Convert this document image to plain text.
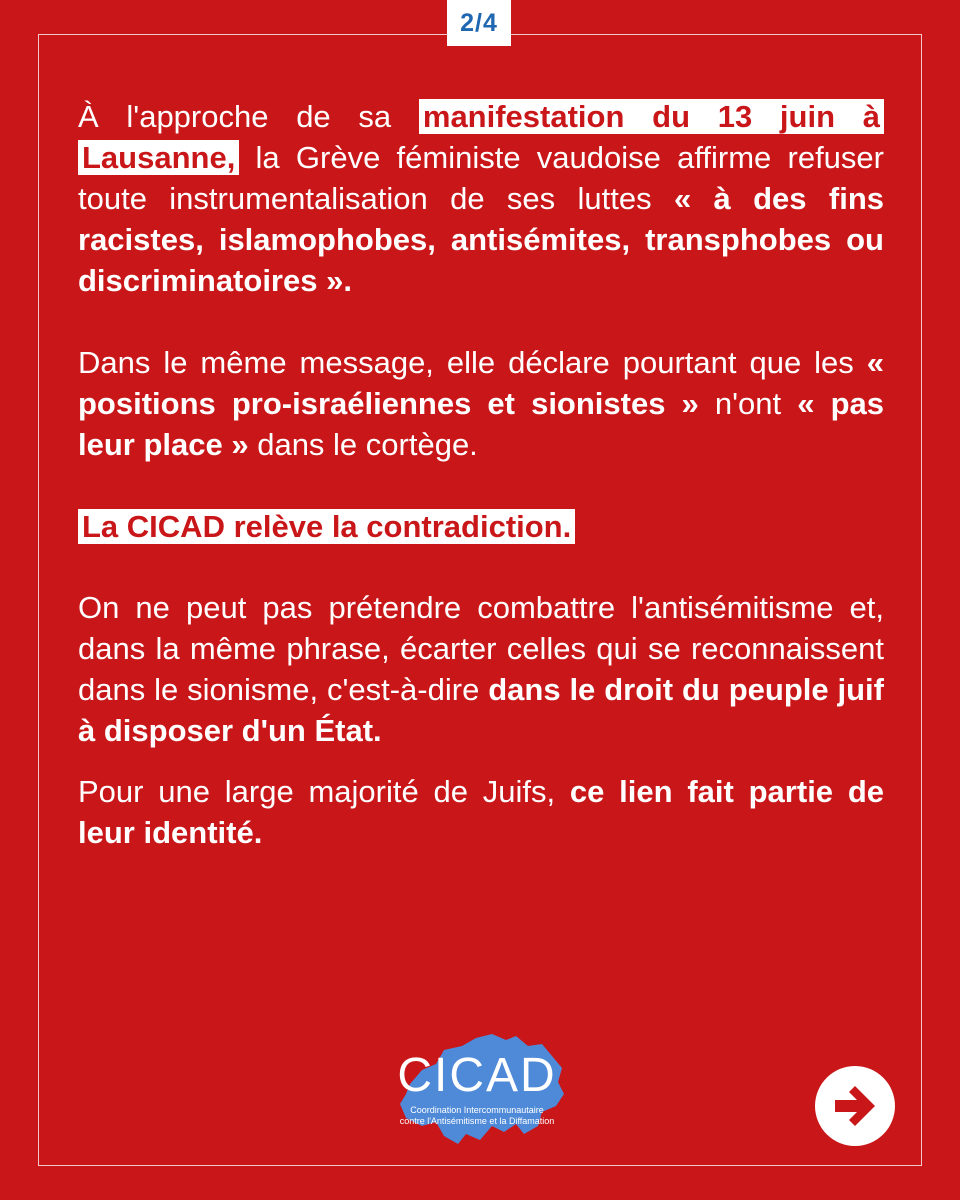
2/4

À l'approche de sa manifestation du 13 juin à Lausanne, la Grève féministe vaudoise affirme refuser toute instrumentalisation de ses luttes « à des fins racistes, islamophobes, antisémites, transphobes ou discriminatoires ».

Dans le même message, elle déclare pourtant que les « positions pro-israéliennes et sionistes » n'ont « pas leur place » dans le cortège.

La CICAD relève la contradiction.

On ne peut pas prétendre combattre l'antisémitisme et, dans la même phrase, écarter celles qui se reconnaissent dans le sionisme, c'est-à-dire dans le droit du peuple juif à disposer d'un État.

Pour une large majorité de Juifs, ce lien fait partie de leur identité.

CICAD
Coordination Intercommunautaire
contre l'Antisémitisme et la Diffamation
